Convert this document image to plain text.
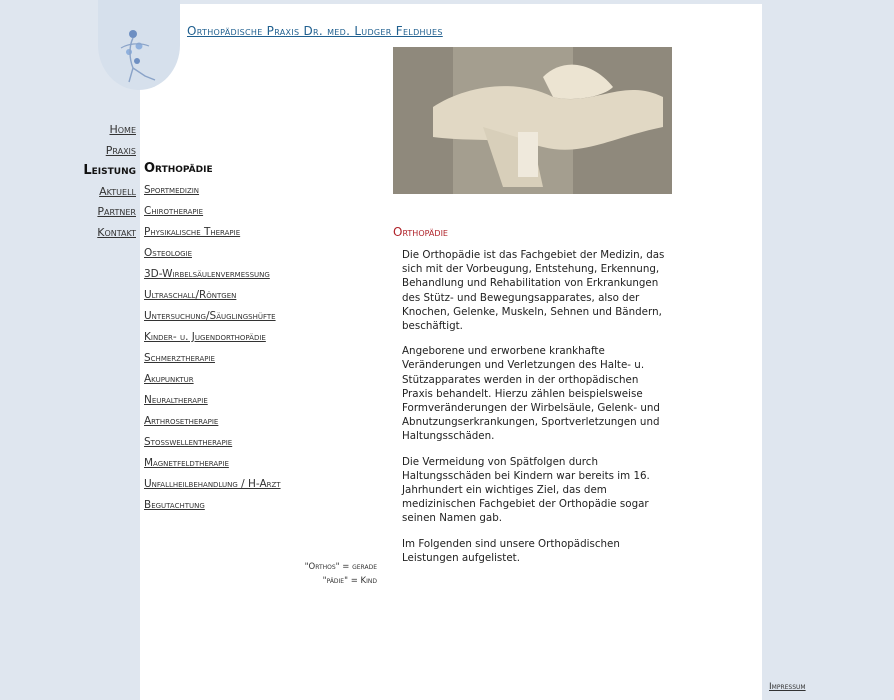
Orthopädische Praxis Dr. med. Ludger Feldhues
Home
Praxis
Leistung
Aktuell
Partner
Kontakt
Orthopädie
Sportmedizin
Chirotherapie
Physikalische Therapie
Osteologie
3D-Wirbelsäulenvermessung
Ultraschall/Röntgen
Untersuchung/Säuglingshüfte
Kinder- u. Jugendorthopädie
Schmerztherapie
Akupunktur
Neuraltherapie
Arthrosetherapie
Stoßwellentherapie
Magnetfeldtherapie
Unfallheilbehandlung / H-Arzt
Begutachtung
"Orthos" = gerade
"pädie" = Kind
Orthopädie

Die Orthopädie ist das Fachgebiet der Medizin, das sich mit der Vorbeugung, Entstehung, Erkennung, Behandlung und Rehabilitation von Erkrankungen des Stütz- und Bewegungsapparates, also der Knochen, Gelenke, Muskeln, Sehnen und Bändern, beschäftigt.

Angeborene und erworbene krankhafte Veränderungen und Verletzungen des Halte- u. Stützapparates werden in der orthopädischen Praxis behandelt. Hierzu zählen beispielsweise Formveränderungen der Wirbelsäule, Gelenk- und Abnutzungserkrankungen, Sportverletzungen und Haltungsschäden.

Die Vermeidung von Spätfolgen durch Haltungsschäden bei Kindern war bereits im 16. Jahrhundert ein wichtiges Ziel, das dem medizinischen Fachgebiet der Orthopädie sogar seinen Namen gab.

Im Folgenden sind unsere Orthopädischen Leistungen aufgelistet.

Impressum
